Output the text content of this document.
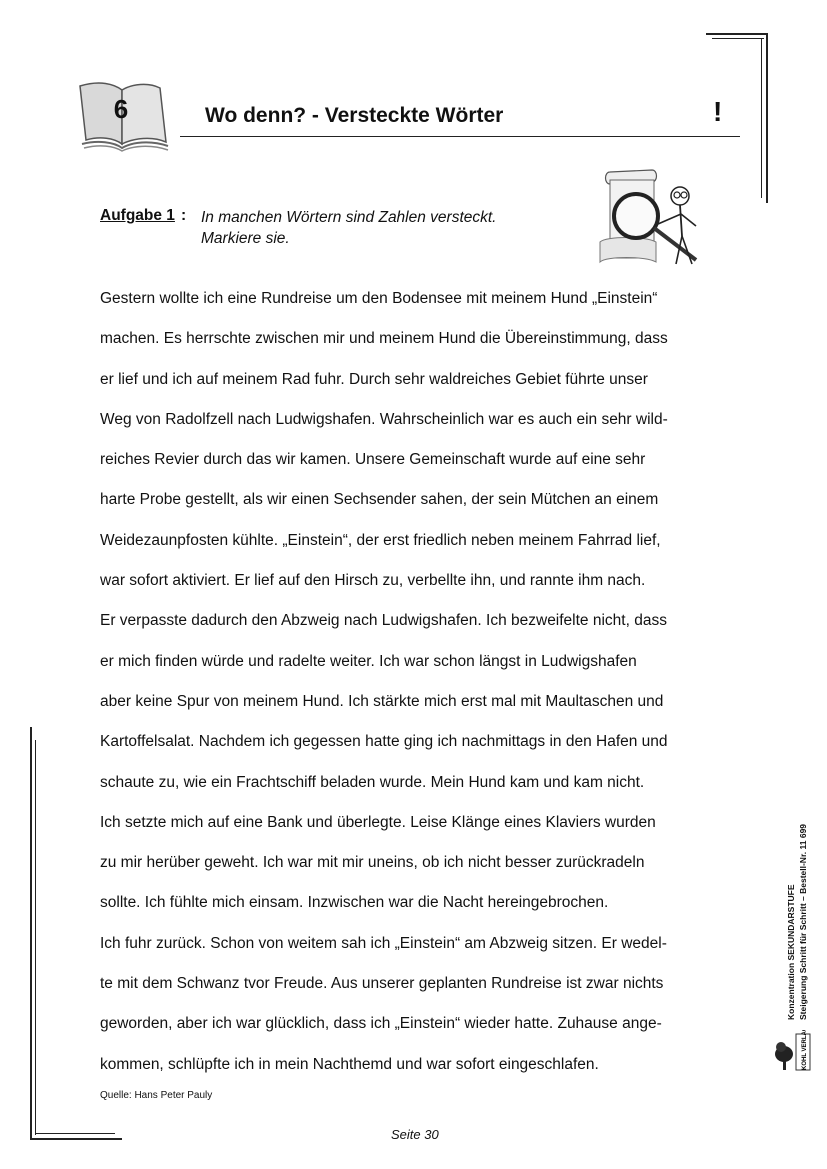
6	Wo denn? - Versteckte Wörter	!
Aufgabe 1 : In manchen Wörtern sind Zahlen versteckt.
Markiere sie.
Gestern wollte ich eine Rundreise um den Bodensee mit meinem Hund „Einstein“
machen. Es herrschte zwischen mir und meinem Hund die Übereinstimmung, dass
er lief und ich auf meinem Rad fuhr. Durch sehr waldreiches Gebiet führte unser
Weg von Radolfzell nach Ludwigshafen. Wahrscheinlich war es auch ein sehr wild-
reiches Revier durch das wir kamen. Unsere Gemeinschaft wurde auf eine sehr
harte Probe gestellt, als wir einen Sechsender sahen, der sein Mütchen an einem
Weidezaunpfosten kühlte. „Einstein“, der erst friedlich neben meinem Fahrrad lief,
war sofort aktiviert. Er lief auf den Hirsch zu, verbellte ihn, und rannte ihm nach.
Er verpasste dadurch den Abzweig nach Ludwigshafen. Ich bezweifelte nicht, dass
er mich finden würde und radelte weiter. Ich war schon längst in Ludwigshafen
aber keine Spur von meinem Hund. Ich stärkte mich erst mal mit Maultaschen und
Kartoffelsalat. Nachdem ich gegessen hatte ging ich nachmittags in den Hafen und
schaute zu, wie ein Frachtschiff beladen wurde. Mein Hund kam und kam nicht.
Ich setzte mich auf eine Bank und überlegte. Leise Klänge eines Klaviers wurden
zu mir herüber geweht. Ich war mit mir uneins, ob ich nicht besser zurückradeln
sollte. Ich fühlte mich einsam. Inzwischen war die Nacht hereingebrochen.
Ich fuhr zurück. Schon von weitem sah ich „Einstein“ am Abzweig sitzen. Er wedel-
te mit dem Schwanz tvor Freude. Aus unserer geplanten Rundreise ist zwar nichts
geworden, aber ich war glücklich, dass ich „Einstein“ wieder hatte. Zuhause ange-
kommen, schlüpfte ich in mein Nachthemd und war sofort eingeschlafen.
Quelle: Hans Peter Pauly
Seite 30
Konzentration SEKUNDARSTUFE Steigerung Schritt für Schritt – Bestell-Nr. 11 699
KOHL VERLAG
